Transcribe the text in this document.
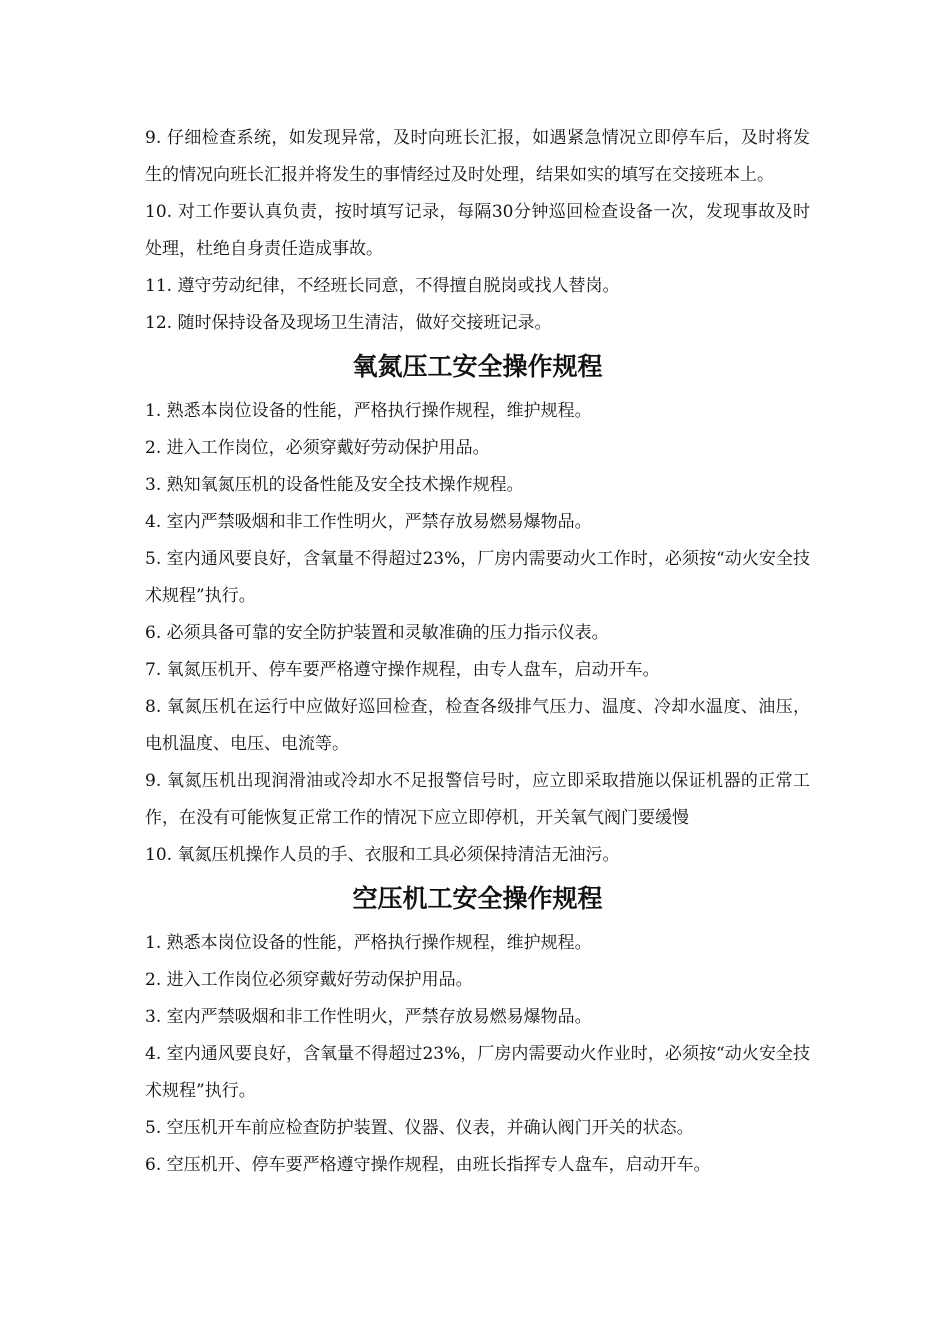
9. 仔细检查系统，如发现异常，及时向班长汇报，如遇紧急情况立即停车后，及时将发生的情况向班长汇报并将发生的事情经过及时处理，结果如实的填写在交接班本上。

10. 对工作要认真负责，按时填写记录，每隔30分钟巡回检查设备一次，发现事故及时处理，杜绝自身责任造成事故。

11. 遵守劳动纪律，不经班长同意，不得擅自脱岗或找人替岗。

12. 随时保持设备及现场卫生清洁，做好交接班记录。

氧氮压工安全操作规程

1. 熟悉本岗位设备的性能，严格执行操作规程，维护规程。

2. 进入工作岗位，必须穿戴好劳动保护用品。

3. 熟知氧氮压机的设备性能及安全技术操作规程。

4. 室内严禁吸烟和非工作性明火，严禁存放易燃易爆物品。

5. 室内通风要良好，含氧量不得超过23%，厂房内需要动火工作时，必须按“动火安全技术规程”执行。

6. 必须具备可靠的安全防护装置和灵敏准确的压力指示仪表。

7. 氧氮压机开、停车要严格遵守操作规程，由专人盘车，启动开车。

8. 氧氮压机在运行中应做好巡回检查，检查各级排气压力、温度、冷却水温度、油压，电机温度、电压、电流等。

9. 氧氮压机出现润滑油或冷却水不足报警信号时，应立即采取措施以保证机器的正常工作，在没有可能恢复正常工作的情况下应立即停机，开关氧气阀门要缓慢

10. 氧氮压机操作人员的手、衣服和工具必须保持清洁无油污。

空压机工安全操作规程

1. 熟悉本岗位设备的性能，严格执行操作规程，维护规程。

2. 进入工作岗位必须穿戴好劳动保护用品。

3. 室内严禁吸烟和非工作性明火，严禁存放易燃易爆物品。

4. 室内通风要良好，含氧量不得超过23%，厂房内需要动火作业时，必须按“动火安全技术规程”执行。

5. 空压机开车前应检查防护装置、仪器、仪表，并确认阀门开关的状态。

6. 空压机开、停车要严格遵守操作规程，由班长指挥专人盘车，启动开车。
